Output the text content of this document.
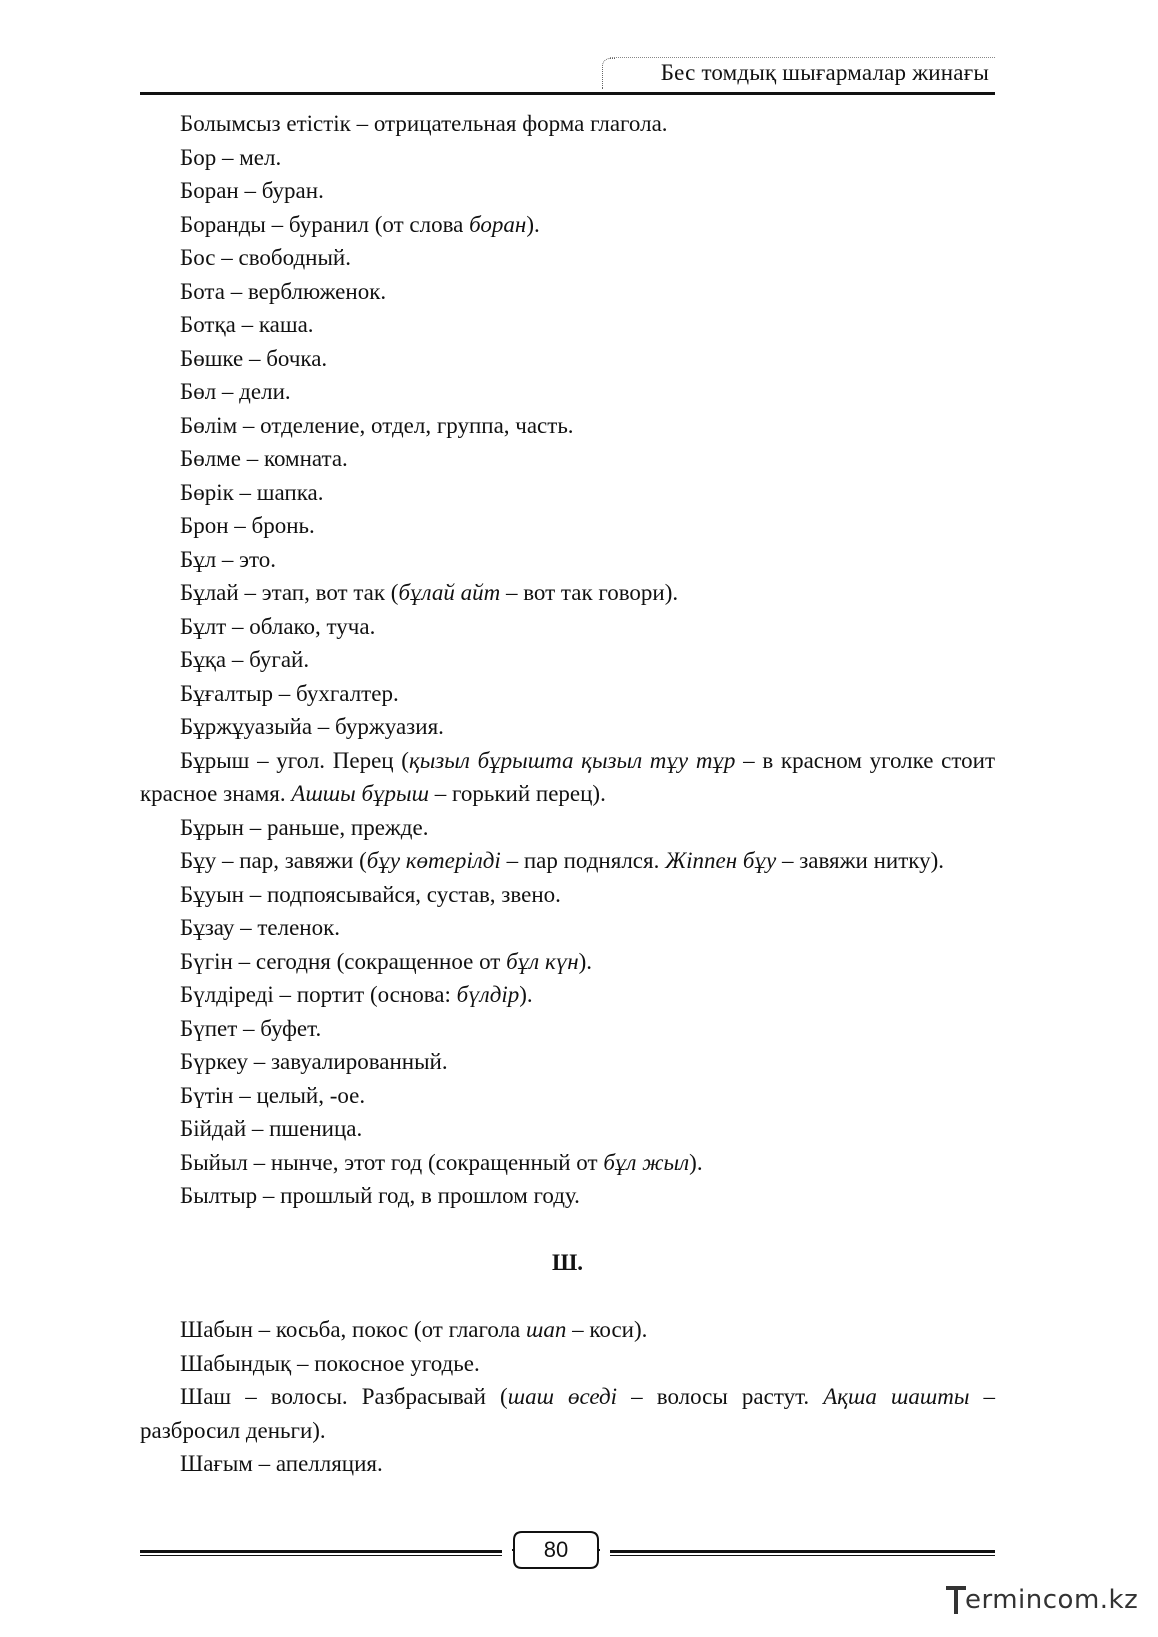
Бес томдық шығармалар жинағы

Болымсыз етістік – отрицательная форма глагола.

Бор – мел.

Боран – буран.

Боранды – буранил (от слова боран).

Бос – свободный.

Бота – верблюженок.

Ботқа – каша.

Бөшке – бочка.

Бөл – дели.

Бөлім – отделение, отдел, группа, часть.

Бөлме – комната.

Бөрік – шапка.

Брон – бронь.

Бұл – это.

Бұлай – этап, вот так (бұлай айт – вот так говори).

Бұлт – облако, туча.

Бұқа – бугай.

Бұғалтыр – бухгалтер.

Бұржұуазыйа – буржуазия.

Бұрыш – угол. Перец (қызыл бұрышта қызыл тұу тұр – в красном уголке стоит красное знамя. Ашшы бұрыш – горький перец).

Бұрын – раньше, прежде.

Бұу – пар, завяжи (бұу көтерілді – пар поднялся. Жіппен бұу – завяжи нитку).

Бұуын – подпоясывайся, сустав, звено.

Бұзау – теленок.

Бүгін – сегодня (сокращенное от бұл күн).

Бүлдіреді – портит (основа: бүлдір).

Бүпет – буфет.

Бүркеу – завуалированный.

Бүтін – целый, -ое.

Бійдай – пшеница.

Быйыл – нынче, этот год (сокращенный от бұл жыл).

Былтыр – прошлый год, в прошлом году.

Ш.

Шабын – косьба, покос (от глагола шап – коси).

Шабындық – покосное угодье.

Шаш – волосы. Разбрасывай (шаш өседі – волосы растут. Ақша шашты – разбросил деньги).

Шағым – апелляция.

80
ermincom.kz
